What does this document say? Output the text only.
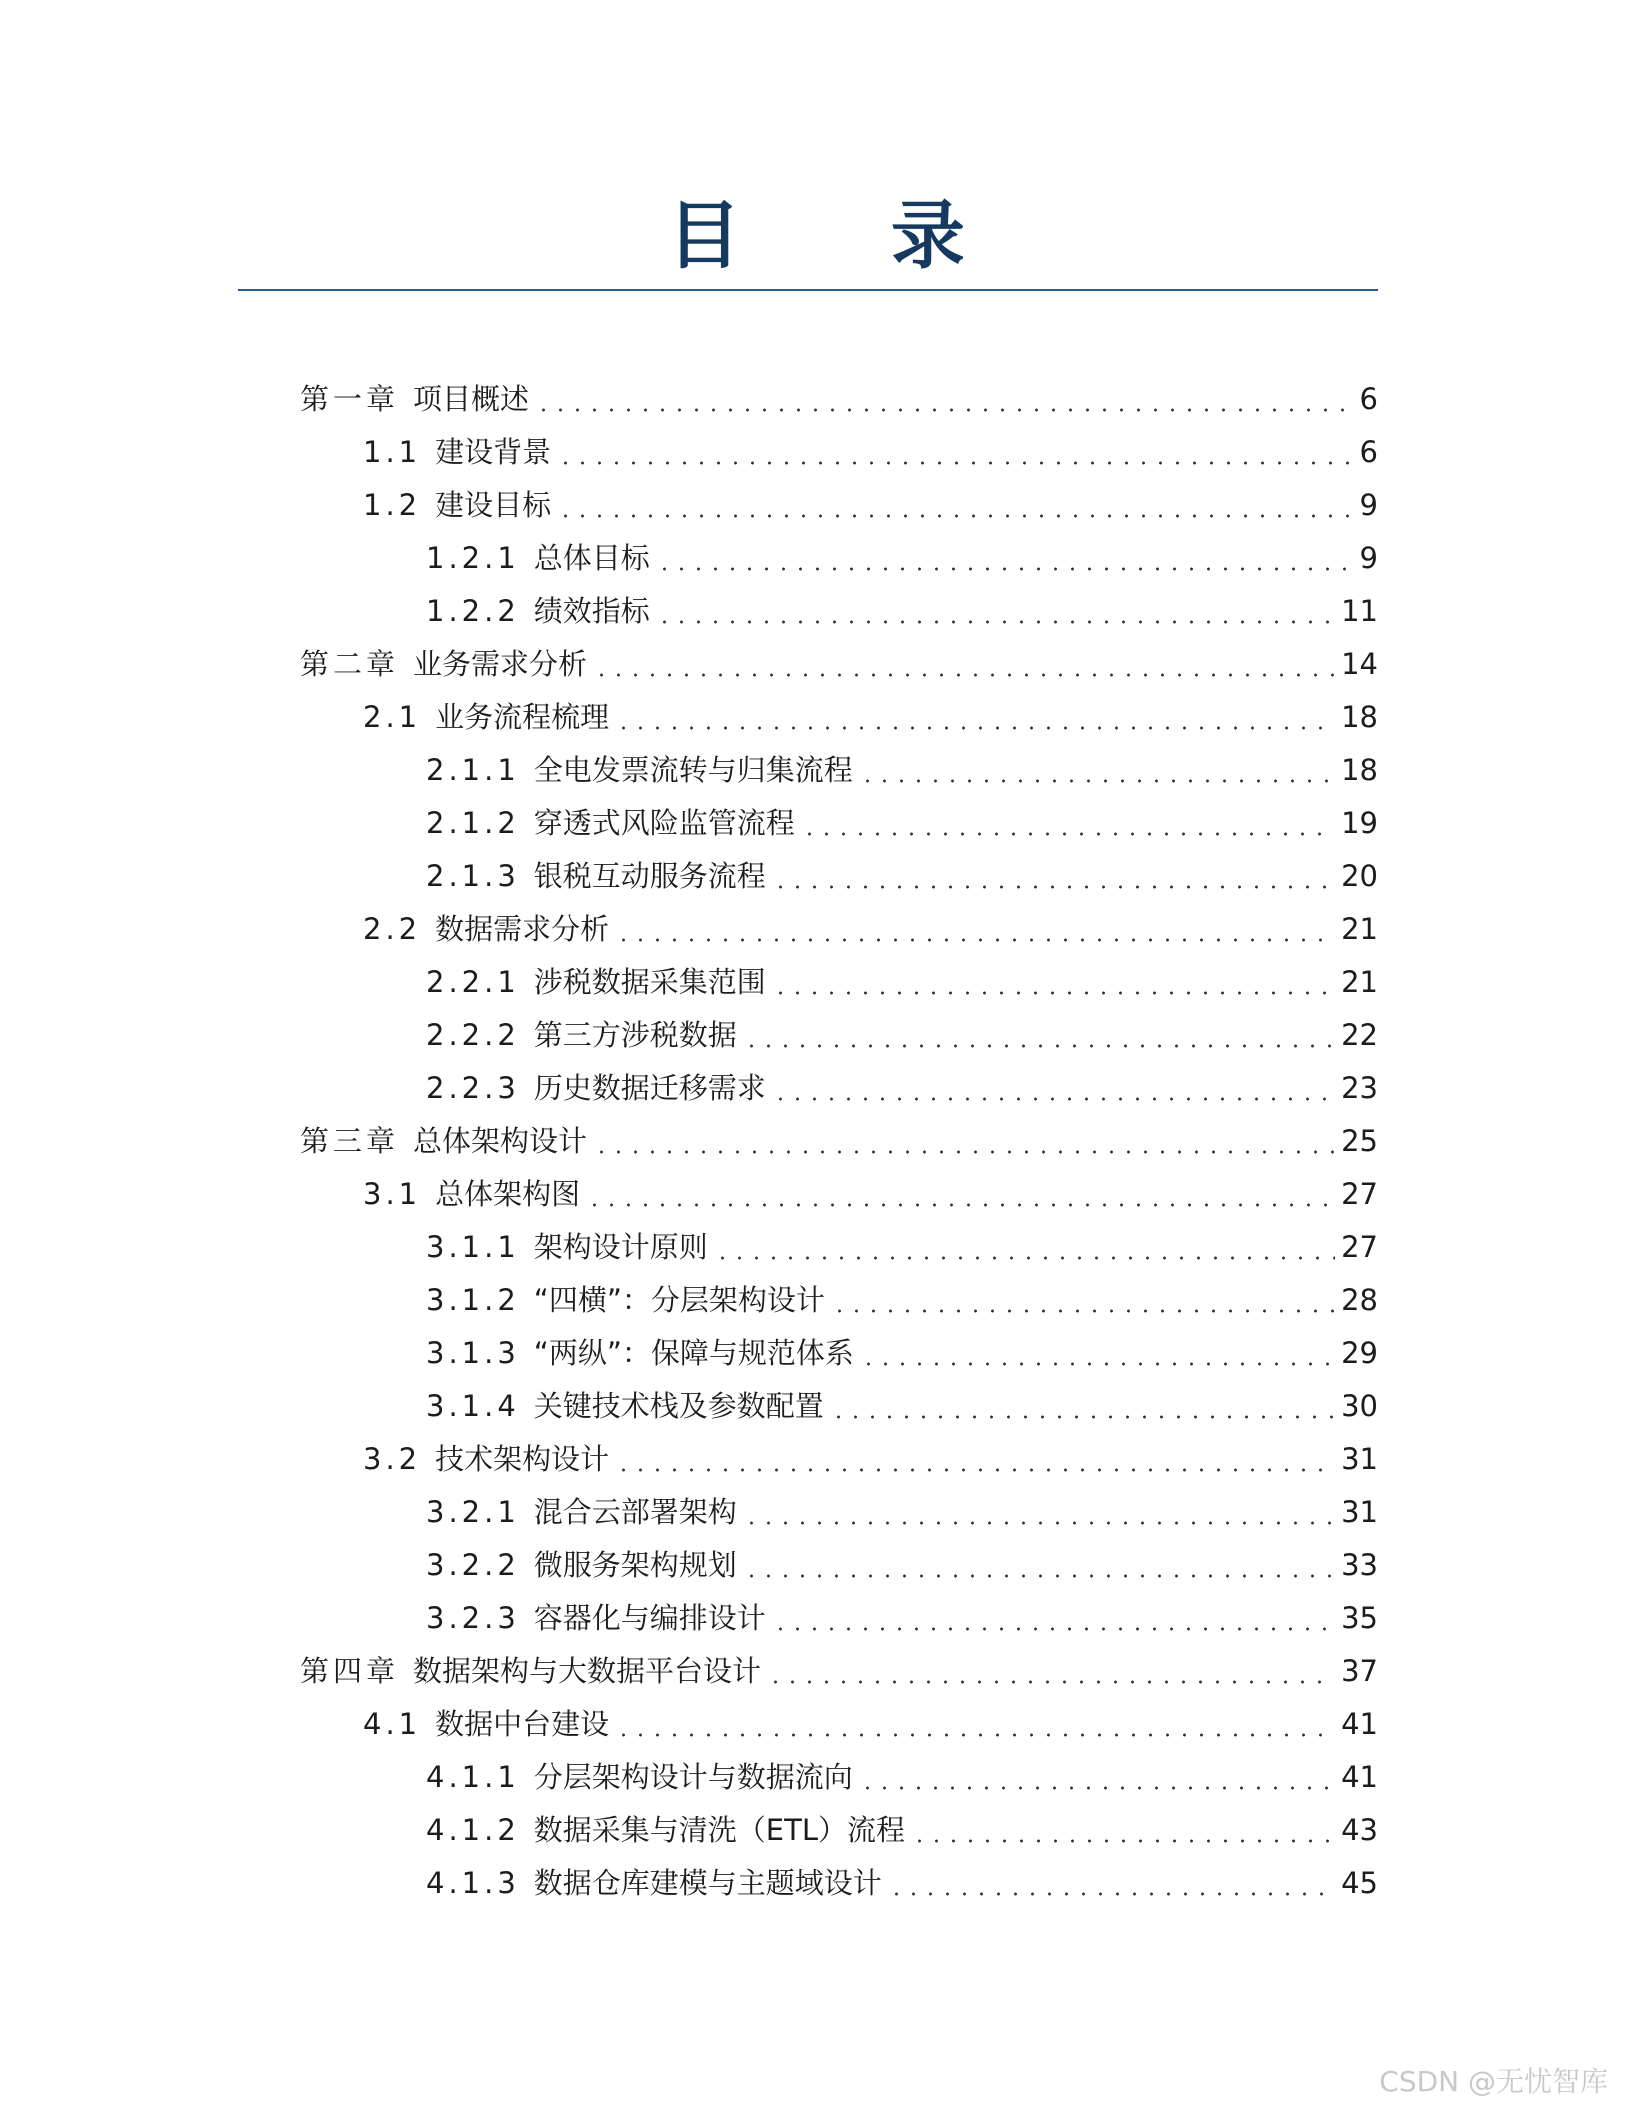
目 录
第一章 项目概述	6
1.1 建设背景	6
1.2 建设目标	9
1.2.1 总体目标	9
1.2.2 绩效指标	11
第二章 业务需求分析	14
2.1 业务流程梳理	18
2.1.1 全电发票流转与归集流程	18
2.1.2 穿透式风险监管流程	19
2.1.3 银税互动服务流程	20
2.2 数据需求分析	21
2.2.1 涉税数据采集范围	21
2.2.2 第三方涉税数据	22
2.2.3 历史数据迁移需求	23
第三章 总体架构设计	25
3.1 总体架构图	27
3.1.1 架构设计原则	27
3.1.2 “四横”：分层架构设计	28
3.1.3 “两纵”：保障与规范体系	29
3.1.4 关键技术栈及参数配置	30
3.2 技术架构设计	31
3.2.1 混合云部署架构	31
3.2.2 微服务架构规划	33
3.2.3 容器化与编排设计	35
第四章 数据架构与大数据平台设计	37
4.1 数据中台建设	41
4.1.1 分层架构设计与数据流向	41
4.1.2 数据采集与清洗（ETL）流程	43
4.1.3 数据仓库建模与主题域设计	45
CSDN @无忧智库
